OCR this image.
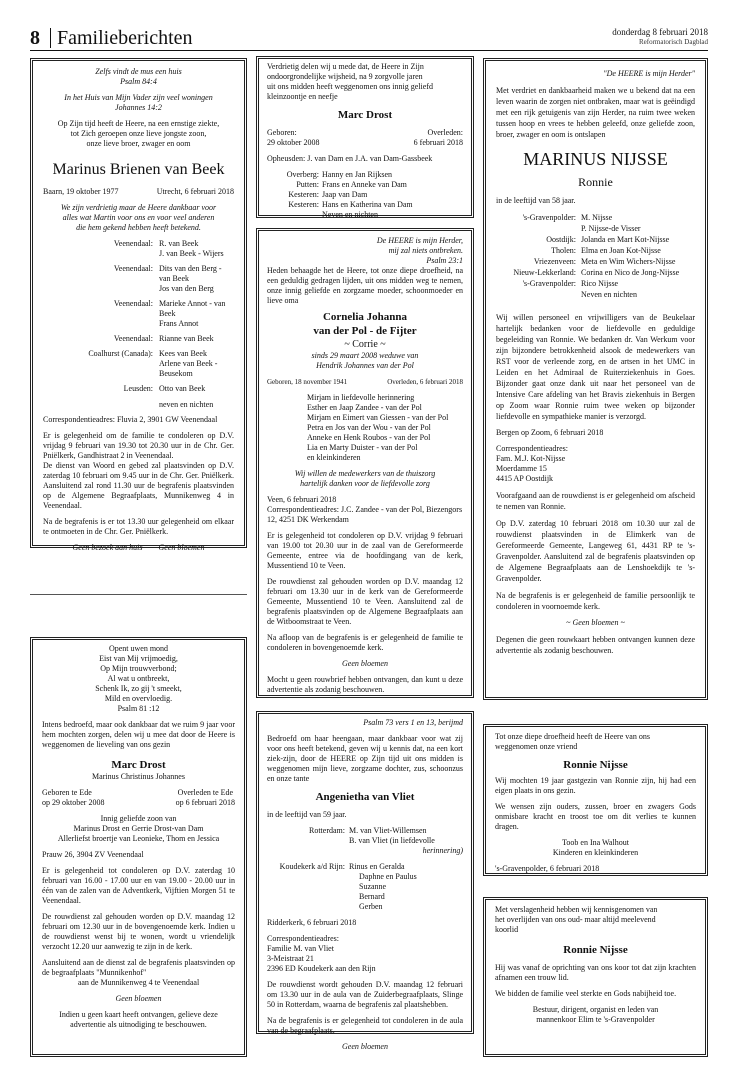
8 Familieberichten	donderdag 8 februari 2018
Reformatorisch Dagblad

Zelfs vindt de mus een huis

Psalm 84:4

In het Huis van Mijn Vader zijn veel woningen

Johannes 14:2

Op Zijn tijd heeft de Heere, na een ernstige ziekte,

tot Zich geroepen onze lieve jongste zoon,

onze lieve broer, zwager en oom

Marinus Brienen van Beek

Baarn, 19 oktober 1977	Utrecht, 6 februari 2018

We zijn verdrietig maar de Heere dankbaar voor

alles wat Martin voor ons en voor veel anderen

die hem gekend hebben heeft betekend.

Veenendaal: R. van Beek
J. van Beek - Wijers
Veenendaal: Dits van den Berg - van Beek
Jos van den Berg
Veenendaal: Marieke Annot - van Beek
Frans Annot
Veenendaal: Rianne van Beek
Coalhurst (Canada): Kees van Beek
Arlene van Beek - Beusekom
Leusden: Otto van Beek
neven en nichten

Correspondentieadres: Fluvia 2, 3901 GW Veenendaal

Er is gelegenheid om de familie te condoleren op D.V. vrijdag 9 februari van 19.30 tot 20.30 uur in de Chr. Ger. Pniëlkerk, Gandhistraat 2 in Veenendaal.

De dienst van Woord en gebed zal plaatsvinden op D.V. zaterdag 10 februari om 9.45 uur in de Chr. Ger. Pniëlkerk. Aansluitend zal rond 11.30 uur de begrafenis plaatsvinden op de Algemene Begraafplaats, Munnikenweg 4 in Veenendaal.

Na de begrafenis is er tot 13.30 uur gelegenheid om elkaar te ontmoeten in de Chr. Ger. Pniëlkerk.

Geen bezoek aan huis        Geen bloemen

Verdrietig delen wij u mede dat, de Heere in Zijn

ondoorgrondelijke wijsheid, na 9 zorgvolle jaren

uit ons midden heeft weggenomen ons innig geliefd

kleinzoontje en neefje

Marc Drost

Geboren:	Overleden:
29 oktober 2008	6 februari 2018

Opheusden: J. van Dam en J.A. van Dam-Gassbeek

Overberg: Hanny en Jan Rijksen
Putten: Frans en Anneke van Dam
Kesteren: Jaap van Dam
Kesteren: Hans en Katherina van Dam
Neven en nichten

De HEERE is mijn Herder,

mij zal niets ontbreken.

Psalm 23:1

Heden behaagde het de Heere, tot onze diepe droefheid, na een geduldig gedragen lijden, uit ons midden weg te nemen, onze innig geliefde en zorgzame moeder, schoonmoeder en lieve oma

Cornelia Johanna

van der Pol - de Fijter

~ Corrie ~

sinds 29 maart 2008 weduwe van

Hendrik Johannes van der Pol

Geboren, 18 november 1941	Overleden, 6 februari 2018

Mirjam in liefdevolle herinnering

Esther en Jaap Zandee - van der Pol

Mirjam en Eimert van Giessen - van der Pol

Petra en Jos van der Wou - van der Pol

Anneke en Henk Roubos - van der Pol

Lia en Marty Duister - van der Pol

en kleinkinderen

Wij willen de medewerkers van de thuiszorg

hartelijk danken voor de liefdevolle zorg

Veen, 6 februari 2018

Correspondentieadres: J.C. Zandee - van der Pol, Biezengors 12, 4251 DK Werkendam

Er is gelegenheid tot condoleren op D.V. vrijdag 9 februari van 19.00 tot 20.30 uur in de zaal van de Gereformeerde Gemeente, entree via de hoofdingang van de kerk, Mussentiend 10 te Veen.

De rouwdienst zal gehouden worden op D.V. maandag 12 februari om 13.30 uur in de kerk van de Gereformeerde Gemeente, Mussentiend 10 te Veen. Aansluitend zal de begrafenis plaatsvinden op de Algemene Begraafplaats aan de Witboomstraat te Veen.

Na afloop van de begrafenis is er gelegenheid de familie te condoleren in bovengenoemde kerk.

Geen bloemen

Mocht u geen rouwbrief hebben ontvangen, dan kunt u deze advertentie als zodanig beschouwen.

"De HEERE is mijn Herder"

Met verdriet en dankbaarheid maken we u bekend dat na een leven waarin de zorgen niet ontbraken, maar wat is geëindigd met een rijk getuigenis van zijn Herder, na ruim twee weken tussen hoop en vrees te hebben geleefd, onze geliefde zoon, broer, zwager en oom is ontslapen

MARINUS NIJSSE

Ronnie

in de leeftijd van 58 jaar.

's-Gravenpolder: M. Nijsse
P. Nijsse-de Visser
Oostdijk: Jolanda en Mart Kot-Nijsse
Tholen: Elma en Joan Kot-Nijsse
Vriezenveen: Meta en Wim Wichers-Nijsse
Nieuw-Lekkerland: Corina en Nico de Jong-Nijsse
's-Gravenpolder: Rico Nijsse
Neven en nichten

Wij willen personeel en vrijwilligers van de Beukelaar hartelijk bedanken voor de liefdevolle en geduldige begeleiding van Ronnie. We bedanken dr. Van Werkum voor zijn bijzondere betrokkenheid alsook de medewerkers van RST voor de verleende zorg, en de artsen in het UMC in Leiden en het Admiraal de Ruiterziekenhuis in Goes. Bijzonder gaat onze dank uit naar het personeel van de Intensive Care afdeling van het Bravis ziekenhuis in Bergen op Zoom waar Ronnie ruim twee weken op bijzonder liefdevolle en sympathieke manier is verzorgd.

Bergen op Zoom, 6 februari 2018

Correspondentieadres:

Fam. M.J. Kot-Nijsse

Moerdamme 15

4415 AP Oostdijk

Voorafgaand aan de rouwdienst is er gelegenheid om afscheid te nemen van Ronnie.

Op D.V. zaterdag 10 februari 2018 om 10.30 uur zal de rouwdienst plaatsvinden in de Elimkerk van de Gereformeerde Gemeente, Langeweg 61, 4431 RP te 's-Gravenpolder. Aansluitend zal de begrafenis plaatsvinden op de Algemene Begraafplaats aan de Lenshoekdijk te 's-Gravenpolder.

Na de begrafenis is er gelegenheid de familie persoonlijk te condoleren in voornoemde kerk.

~ Geen bloemen ~

Degenen die geen rouwkaart hebben ontvangen kunnen deze advertentie als zodanig beschouwen.

Opent uwen mond

Eist van Mij vrijmoedig,

Op Mijn trouwverbond;

Al wat u ontbreekt,

Schenk Ik, zo gij 't smeekt,

Mild en overvloedig.

Psalm 81 :12

Intens bedroefd, maar ook dankbaar dat we ruim 9 jaar voor hem mochten zorgen, delen wij u mee dat door de Heere is weggenomen de lieveling van ons gezin

Marc Drost

Marinus Christinus Johannes

Geboren te Ede
op 29 oktober 2008
Overleden te Ede
op 6 februari 2018

Innig geliefde zoon van

Marinus Drost en Gerrie Drost-van Dam

Allerliefst broertje van Leonieke, Thom en Jessica

Prauw 26, 3904 ZV Veenendaal

Er is gelegenheid tot condoleren op D.V. zaterdag 10 februari van 16.00 - 17.00 uur en van 19.00 - 20.00 uur in één van de zalen van de Adventkerk, Vijftien Morgen 51 te Veenendaal.

De rouwdienst zal gehouden worden op D.V. maandag 12 februari om 12.30 uur in de bovengenoemde kerk. Indien u de rouwdienst wenst bij te wonen, wordt u vriendelijk verzocht 12.20 uur aanwezig te zijn in de kerk.

Aansluitend aan de dienst zal de begrafenis plaatsvinden op de begraafplaats "Munnikenhof"

aan de Munnikenweg 4 te Veenendaal

Geen bloemen

Indien u geen kaart heeft ontvangen, gelieve deze

advertentie als uitnodiging te beschouwen.

Psalm 73 vers 1 en 13, berijmd

Bedroefd om haar heengaan, maar dankbaar voor wat zij voor ons heeft betekend, geven wij u kennis dat, na een kort ziek-zijn, door de HEERE op Zijn tijd uit ons midden is weggenomen mijn lieve, zorgzame dochter, zus, schoonzus en onze tante

Angenietha van Vliet

in de leeftijd van 59 jaar.

Rotterdam: M. van Vliet-Willemsen
B. van Vliet (in liefdevolle
herinnering)
Koudekerk a/d Rijn: Rinus en Geralda
Daphne en Paulus
Suzanne
Bernard
Gerben

Ridderkerk, 6 februari 2018

Correspondentieadres:

Familie M. van Vliet

3-Meistraat 21

2396 ED Koudekerk aan den Rijn

De rouwdienst wordt gehouden D.V. maandag 12 februari om 13.30 uur in de aula van de Zuiderbegraafplaats, Slinge 50 in Rotterdam, waarna de begrafenis zal plaatshebben.

Na de begrafenis is er gelegenheid tot condoleren in de aula van de begraafplaats.

Geen bloemen

Tot onze diepe droefheid heeft de Heere van ons

weggenomen onze vriend

Ronnie Nijsse

Wij mochten 19 jaar gastgezin van Ronnie zijn, hij had een eigen plaats in ons gezin.

We wensen zijn ouders, zussen, broer en zwagers Gods onmisbare kracht en troost toe om dit verlies te kunnen dragen.

Toob en Ina Walhout

Kinderen en kleinkinderen

's-Gravenpolder, 6 februari 2018

Met verslagenheid hebben wij kennisgenomen van

het overlijden van ons oud- maar altijd meelevend

koorlid

Ronnie Nijsse

Hij was vanaf de oprichting van ons koor tot dat zijn krachten afnamen een trouw lid.

We bidden de familie veel sterkte en Gods nabijheid toe.

Bestuur, dirigent, organist en leden van

mannenkoor Elim te 's-Gravenpolder
